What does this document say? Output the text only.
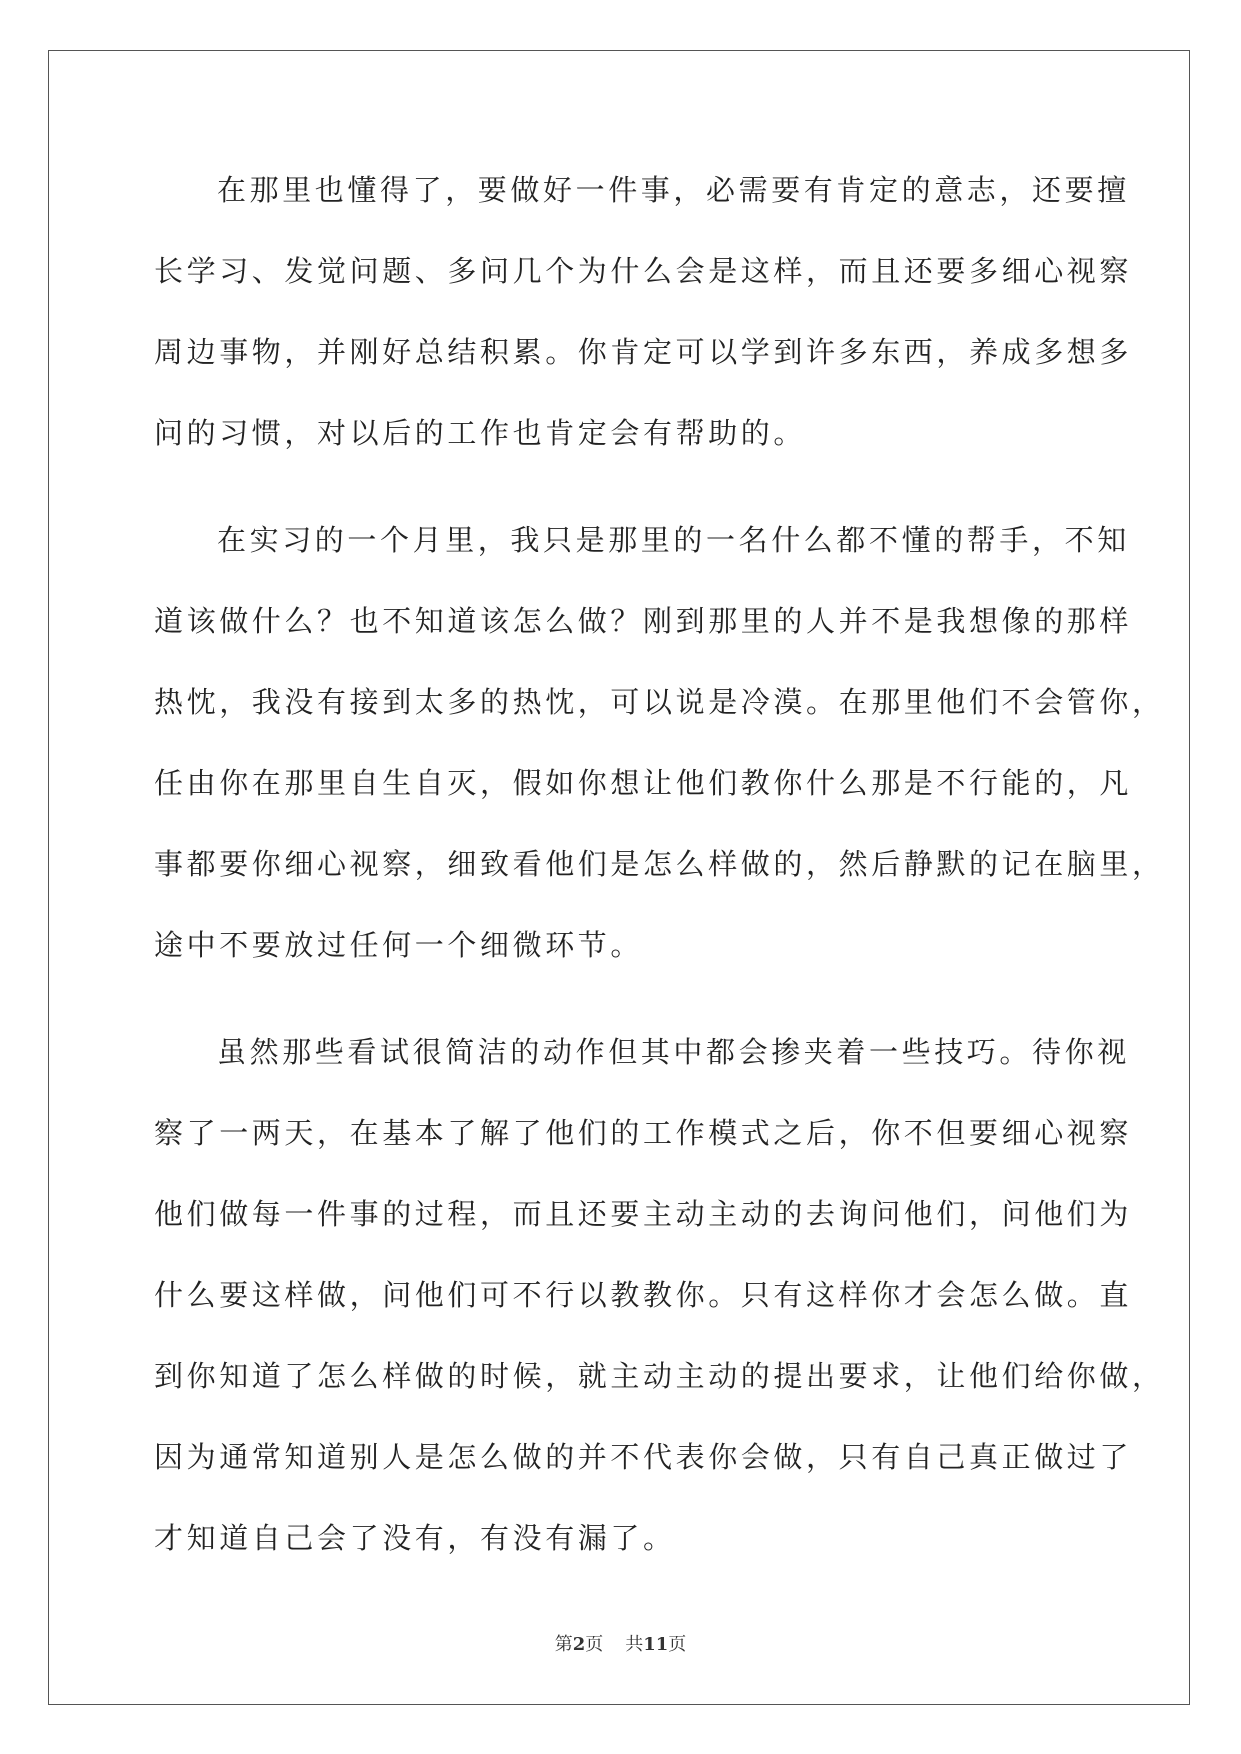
在那里也懂得了，要做好一件事，必需要有肯定的意志，还要擅
长学习、发觉问题、多问几个为什么会是这样，而且还要多细心视察
周边事物，并刚好总结积累。你肯定可以学到许多东西，养成多想多
问的习惯，对以后的工作也肯定会有帮助的。
在实习的一个月里，我只是那里的一名什么都不懂的帮手，不知
道该做什么？也不知道该怎么做？刚到那里的人并不是我想像的那样
热忱，我没有接到太多的热忱，可以说是冷漠。在那里他们不会管你，
任由你在那里自生自灭，假如你想让他们教你什么那是不行能的，凡
事都要你细心视察，细致看他们是怎么样做的，然后静默的记在脑里，
途中不要放过任何一个细微环节。
虽然那些看试很简洁的动作但其中都会掺夹着一些技巧。待你视
察了一两天，在基本了解了他们的工作模式之后，你不但要细心视察
他们做每一件事的过程，而且还要主动主动的去询问他们，问他们为
什么要这样做，问他们可不行以教教你。只有这样你才会怎么做。直
到你知道了怎么样做的时候，就主动主动的提出要求，让他们给你做，
因为通常知道别人是怎么做的并不代表你会做，只有自己真正做过了
才知道自己会了没有，有没有漏了。
第2页 共11页
